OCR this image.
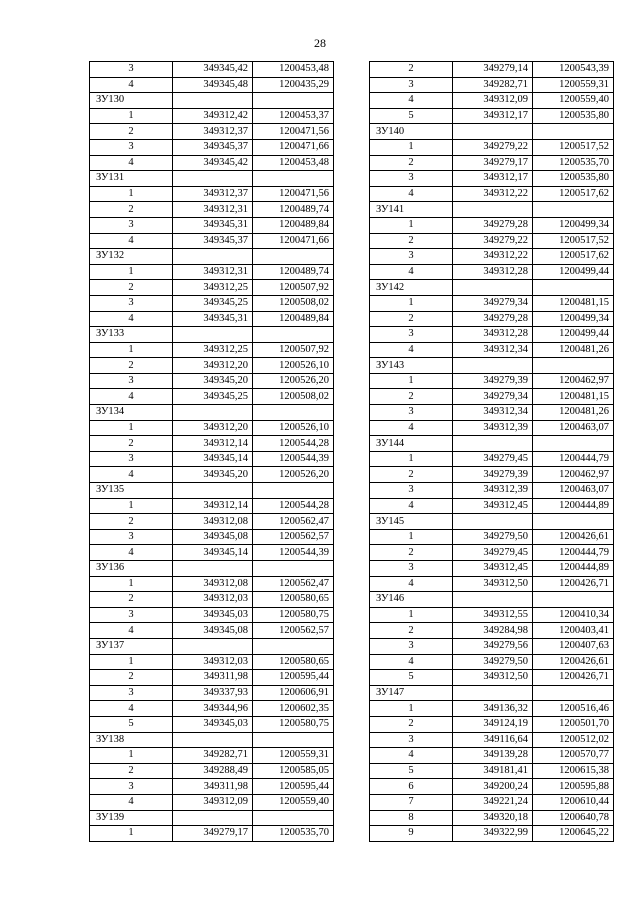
28
3	349345,42	1200453,48
4	349345,48	1200435,29
ЗУ130		
1	349312,42	1200453,37
2	349312,37	1200471,56
3	349345,37	1200471,66
4	349345,42	1200453,48
ЗУ131		
1	349312,37	1200471,56
2	349312,31	1200489,74
3	349345,31	1200489,84
4	349345,37	1200471,66
ЗУ132		
1	349312,31	1200489,74
2	349312,25	1200507,92
3	349345,25	1200508,02
4	349345,31	1200489,84
ЗУ133		
1	349312,25	1200507,92
2	349312,20	1200526,10
3	349345,20	1200526,20
4	349345,25	1200508,02
ЗУ134		
1	349312,20	1200526,10
2	349312,14	1200544,28
3	349345,14	1200544,39
4	349345,20	1200526,20
ЗУ135		
1	349312,14	1200544,28
2	349312,08	1200562,47
3	349345,08	1200562,57
4	349345,14	1200544,39
ЗУ136		
1	349312,08	1200562,47
2	349312,03	1200580,65
3	349345,03	1200580,75
4	349345,08	1200562,57
ЗУ137		
1	349312,03	1200580,65
2	349311,98	1200595,44
3	349337,93	1200606,91
4	349344,96	1200602,35
5	349345,03	1200580,75
ЗУ138		
1	349282,71	1200559,31
2	349288,49	1200585,05
3	349311,98	1200595,44
4	349312,09	1200559,40
ЗУ139		
1	349279,17	1200535,70
2	349279,14	1200543,39
3	349282,71	1200559,31
4	349312,09	1200559,40
5	349312,17	1200535,80
ЗУ140		
1	349279,22	1200517,52
2	349279,17	1200535,70
3	349312,17	1200535,80
4	349312,22	1200517,62
ЗУ141		
1	349279,28	1200499,34
2	349279,22	1200517,52
3	349312,22	1200517,62
4	349312,28	1200499,44
ЗУ142		
1	349279,34	1200481,15
2	349279,28	1200499,34
3	349312,28	1200499,44
4	349312,34	1200481,26
ЗУ143		
1	349279,39	1200462,97
2	349279,34	1200481,15
3	349312,34	1200481,26
4	349312,39	1200463,07
ЗУ144		
1	349279,45	1200444,79
2	349279,39	1200462,97
3	349312,39	1200463,07
4	349312,45	1200444,89
ЗУ145		
1	349279,50	1200426,61
2	349279,45	1200444,79
3	349312,45	1200444,89
4	349312,50	1200426,71
ЗУ146		
1	349312,55	1200410,34
2	349284,98	1200403,41
3	349279,56	1200407,63
4	349279,50	1200426,61
5	349312,50	1200426,71
ЗУ147		
1	349136,32	1200516,46
2	349124,19	1200501,70
3	349116,64	1200512,02
4	349139,28	1200570,77
5	349181,41	1200615,38
6	349200,24	1200595,88
7	349221,24	1200610,44
8	349320,18	1200640,78
9	349322,99	1200645,22
